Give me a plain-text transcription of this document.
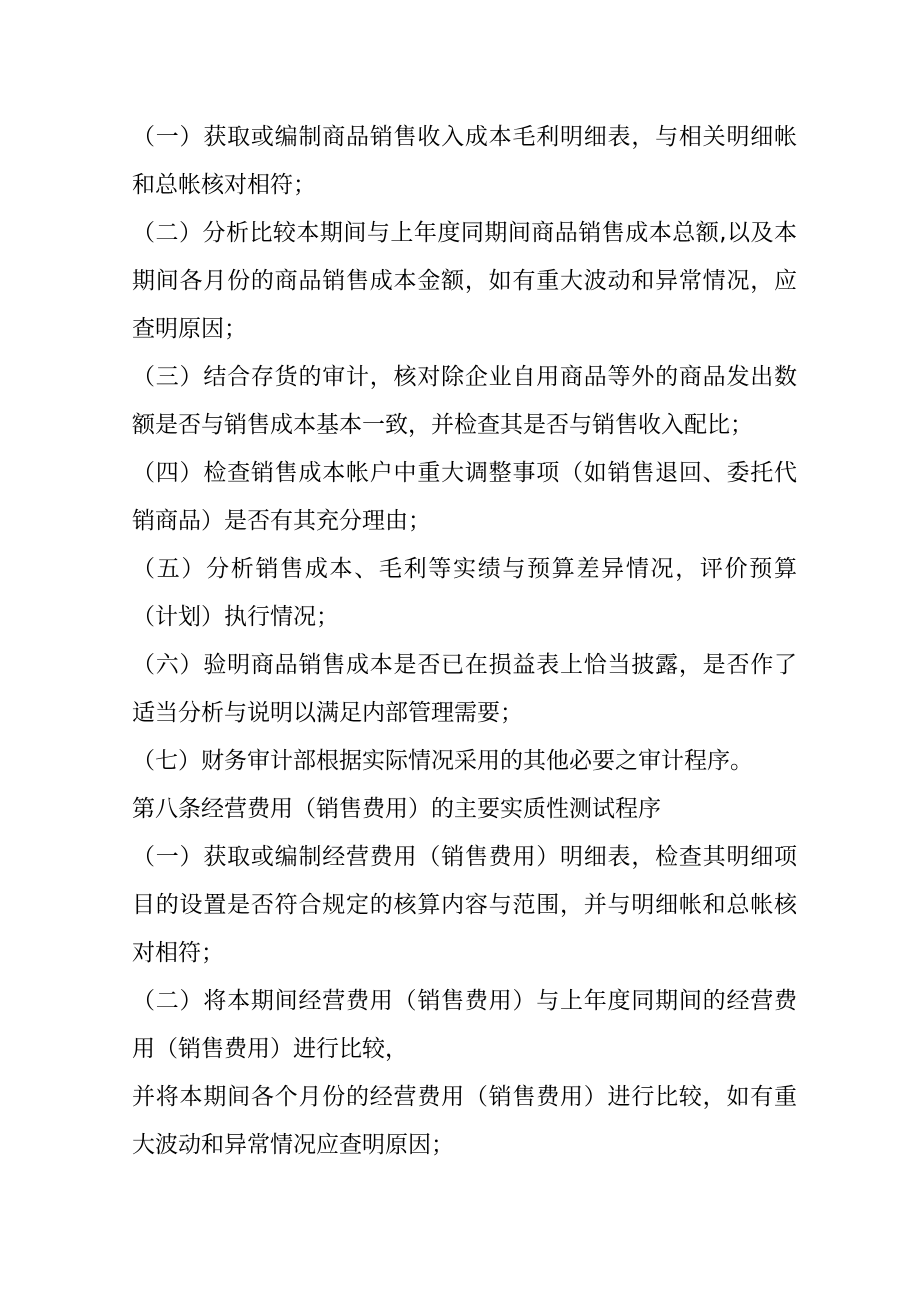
（一）获取或编制商品销售收入成本毛利明细表，与相关明细帐和总帐核对相符；

（二）分析比较本期间与上年度同期间商品销售成本总额,以及本期间各月份的商品销售成本金额，如有重大波动和异常情况，应查明原因；

（三）结合存货的审计，核对除企业自用商品等外的商品发出数额是否与销售成本基本一致，并检查其是否与销售收入配比；

（四）检查销售成本帐户中重大调整事项（如销售退回、委托代销商品）是否有其充分理由；

（五）分析销售成本、毛利等实绩与预算差异情况，评价预算（计划）执行情况；

（六）验明商品销售成本是否已在损益表上恰当披露，是否作了适当分析与说明以满足内部管理需要；

（七）财务审计部根据实际情况采用的其他必要之审计程序。

第八条经营费用（销售费用）的主要实质性测试程序

（一）获取或编制经营费用（销售费用）明细表，检查其明细项目的设置是否符合规定的核算内容与范围，并与明细帐和总帐核对相符；

（二）将本期间经营费用（销售费用）与上年度同期间的经营费用（销售费用）进行比较，

并将本期间各个月份的经营费用（销售费用）进行比较，如有重大波动和异常情况应查明原因；
